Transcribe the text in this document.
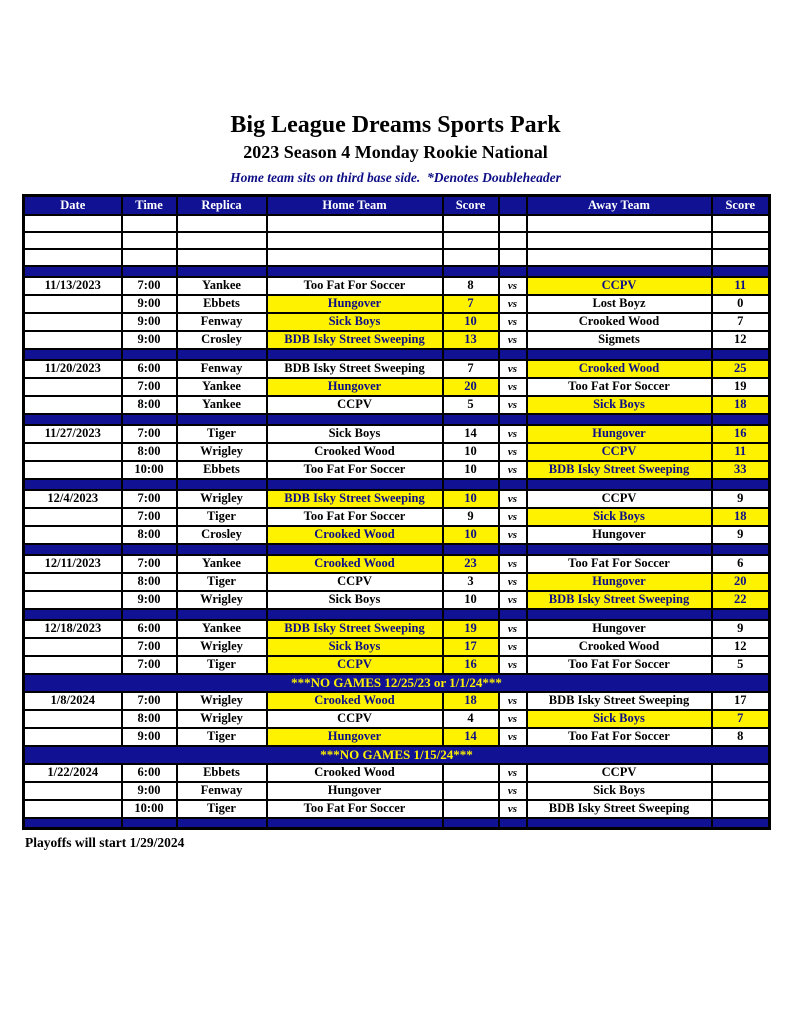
Big League Dreams Sports Park
2023 Season 4 Monday Rookie National
Home team sits on third base side.  *Denotes Doubleheader
Date	Time	Replica	Home Team	Score		Away Team	Score

11/13/2023	7:00	Yankee	Too Fat For Soccer	8	vs	CCPV	11
	9:00	Ebbets	Hungover	7	vs	Lost Boyz	0
	9:00	Fenway	Sick Boys	10	vs	Crooked Wood	7
	9:00	Crosley	BDB Isky Street Sweeping	13	vs	Sigmets	12

11/20/2023	6:00	Fenway	BDB Isky Street Sweeping	7	vs	Crooked Wood	25
	7:00	Yankee	Hungover	20	vs	Too Fat For Soccer	19
	8:00	Yankee	CCPV	5	vs	Sick Boys	18

11/27/2023	7:00	Tiger	Sick Boys	14	vs	Hungover	16
	8:00	Wrigley	Crooked Wood	10	vs	CCPV	11
	10:00	Ebbets	Too Fat For Soccer	10	vs	BDB Isky Street Sweeping	33

12/4/2023	7:00	Wrigley	BDB Isky Street Sweeping	10	vs	CCPV	9
	7:00	Tiger	Too Fat For Soccer	9	vs	Sick Boys	18
	8:00	Crosley	Crooked Wood	10	vs	Hungover	9

12/11/2023	7:00	Yankee	Crooked Wood	23	vs	Too Fat For Soccer	6
	8:00	Tiger	CCPV	3	vs	Hungover	20
	9:00	Wrigley	Sick Boys	10	vs	BDB Isky Street Sweeping	22

12/18/2023	6:00	Yankee	BDB Isky Street Sweeping	19	vs	Hungover	9
	7:00	Wrigley	Sick Boys	17	vs	Crooked Wood	12
	7:00	Tiger	CCPV	16	vs	Too Fat For Soccer	5
***NO GAMES 12/25/23 or 1/1/24***							
1/8/2024	7:00	Wrigley	Crooked Wood	18	vs	BDB Isky Street Sweeping	17
	8:00	Wrigley	CCPV	4	vs	Sick Boys	7
	9:00	Tiger	Hungover	14	vs	Too Fat For Soccer	8
***NO GAMES 1/15/24***							
1/22/2024	6:00	Ebbets	Crooked Wood		vs	CCPV	
	9:00	Fenway	Hungover		vs	Sick Boys	
	10:00	Tiger	Too Fat For Soccer		vs	BDB Isky Street Sweeping	

Playoffs will start 1/29/2024
